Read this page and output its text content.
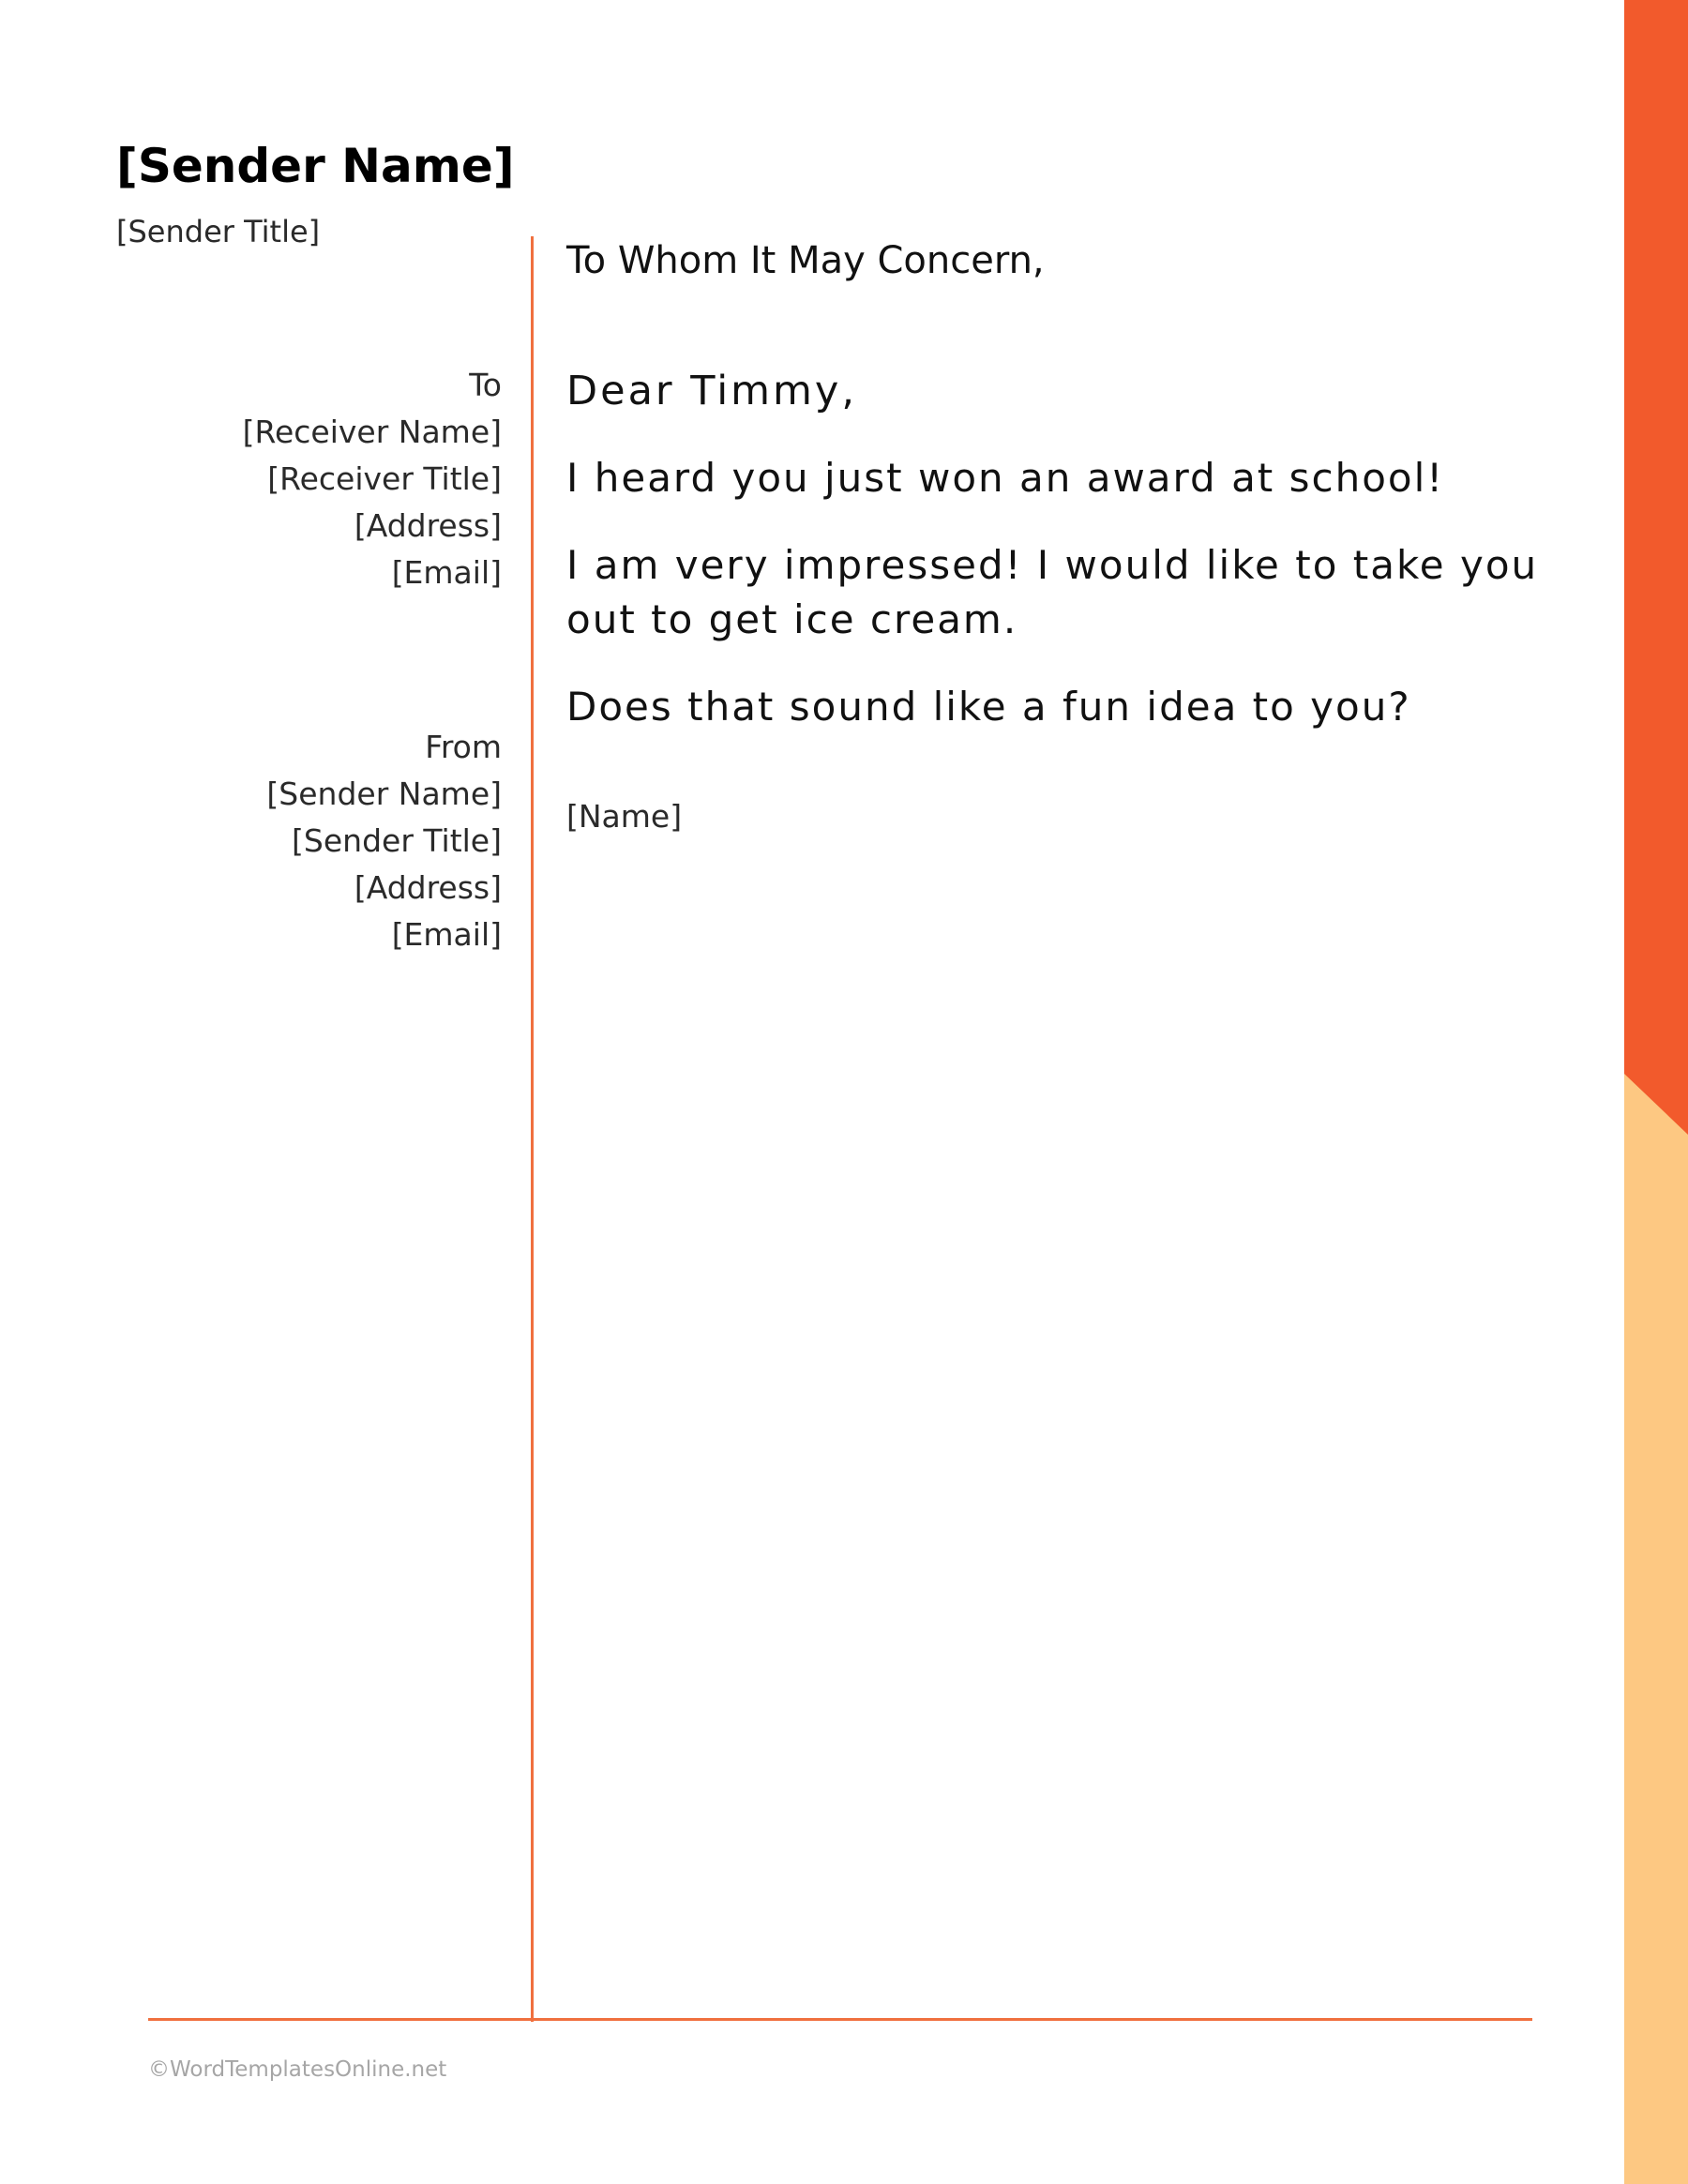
[Sender Name]
[Sender Title]
To
[Receiver Name]
[Receiver Title]
[Address]
[Email]
From
[Sender Name]
[Sender Title]
[Address]
[Email]

To Whom It May Concern,

Dear Timmy,

I heard you just won an award at school!

I am very impressed! I would like to take you out to get ice cream.

Does that sound like a fun idea to you?

[Name]

©WordTemplatesOnline.net
